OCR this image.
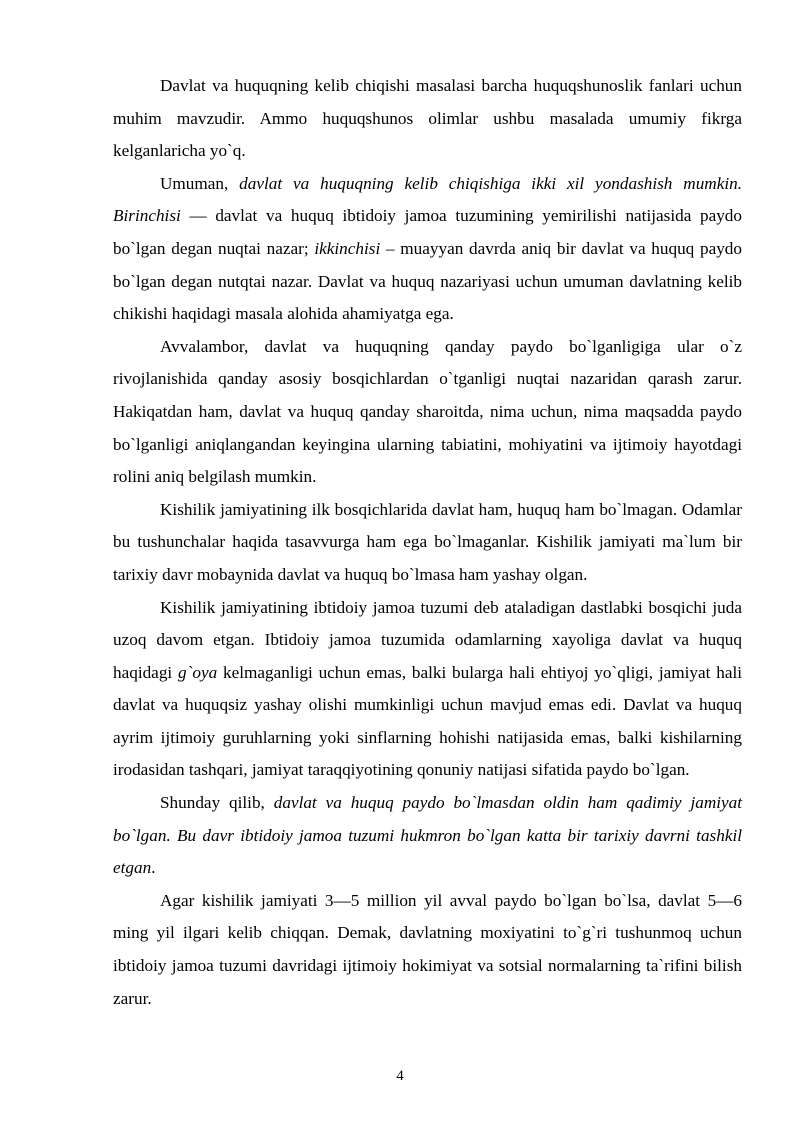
Davlat va huquqning kelib chiqishi masalasi barcha huquqshunoslik fanlari uchun muhim mavzudir. Ammo huquqshunos olimlar ushbu masalada umumiy fikrga kelganlaricha yo`q.

Umuman, davlat va huquqning kelib chiqishiga ikki xil yondashish mumkin. Birinchisi — davlat va huquq ibtidoiy jamoa tuzumining yemirilishi natijasida paydo bo`lgan degan nuqtai nazar; ikkinchisi – muayyan davrda aniq bir davlat va huquq paydo bo`lgan degan nutqtai nazar. Davlat va huquq nazariyasi uchun umuman davlatning kelib chikishi haqidagi masala alohida ahamiyatga ega.

Avvalambor, davlat va huquqning qanday paydo bo`lganligiga ular o`z rivojlanishida qanday asosiy bosqichlardan o`tganligi nuqtai nazaridan qarash zarur. Hakiqatdan ham, davlat va huquq qanday sharoitda, nima uchun, nima maqsadda paydo bo`lganligi aniqlangandan keyingina ularning tabiatini, mohiyatini va ijtimoiy hayotdagi rolini aniq belgilash mumkin.

Kishilik jamiyatining ilk bosqichlarida davlat ham, huquq ham bo`lmagan. Odamlar bu tushunchalar haqida tasavvurga ham ega bo`lmaganlar. Kishilik jamiyati ma`lum bir tarixiy davr mobaynida davlat va huquq bo`lmasa ham yashay olgan.

Kishilik jamiyatining ibtidoiy jamoa tuzumi deb ataladigan dastlabki bosqichi juda uzoq davom etgan. Ibtidoiy jamoa tuzumida odamlarning xayoliga davlat va huquq haqidagi g`oya kelmaganligi uchun emas, balki bularga hali ehtiyoj yo`qligi, jamiyat hali davlat va huquqsiz yashay olishi mumkinligi uchun mavjud emas edi. Davlat va huquq ayrim ijtimoiy guruhlarning yoki sinflarning hohishi natijasida emas, balki kishilarning irodasidan tashqari, jamiyat taraqqiyotining qonuniy natijasi sifatida paydo bo`lgan.

Shunday qilib, davlat va huquq paydo bo`lmasdan oldin ham qadimiy jamiyat bo`lgan. Bu davr ibtidoiy jamoa tuzumi hukmron bo`lgan katta bir tarixiy davrni tashkil etgan.

Agar kishilik jamiyati 3—5 million yil avval paydo bo`lgan bo`lsa, davlat 5—6 ming yil ilgari kelib chiqqan. Demak, davlatning moxiyatini to`g`ri tushunmoq uchun ibtidoiy jamoa tuzumi davridagi ijtimoiy hokimiyat va sotsial normalarning ta`rifini bilish zarur.

4
